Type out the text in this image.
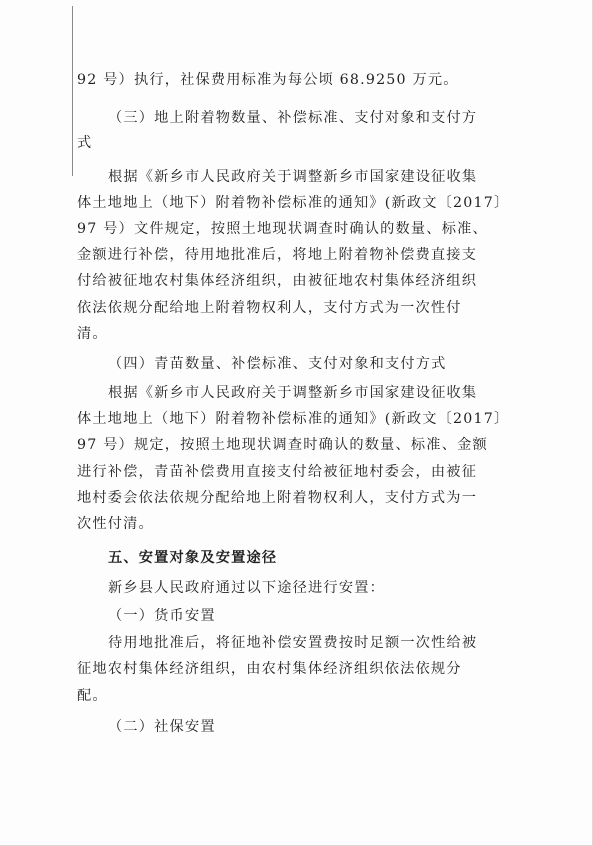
92 号）执行，社保费用标准为每公顷 68.9250 万元。

（三）地上附着物数量、补偿标准、支付对象和支付方

式

根据《新乡市人民政府关于调整新乡市国家建设征收集

体土地地上（地下）附着物补偿标准的通知》(新政文〔2017〕

97 号）文件规定，按照土地现状调查时确认的数量、标准、

金额进行补偿，待用地批准后，将地上附着物补偿费直接支

付给被征地农村集体经济组织，由被征地农村集体经济组织

依法依规分配给地上附着物权利人，支付方式为一次性付

清。

（四）青苗数量、补偿标准、支付对象和支付方式

根据《新乡市人民政府关于调整新乡市国家建设征收集

体土地地上（地下）附着物补偿标准的通知》(新政文〔2017〕

97 号）规定，按照土地现状调查时确认的数量、标准、金额

进行补偿，青苗补偿费用直接支付给被征地村委会，由被征

地村委会依法依规分配给地上附着物权利人，支付方式为一

次性付清。

五、安置对象及安置途径

新乡县人民政府通过以下途径进行安置：

（一）货币安置

待用地批准后，将征地补偿安置费按时足额一次性给被

征地农村集体经济组织，由农村集体经济组织依法依规分

配。

（二）社保安置
